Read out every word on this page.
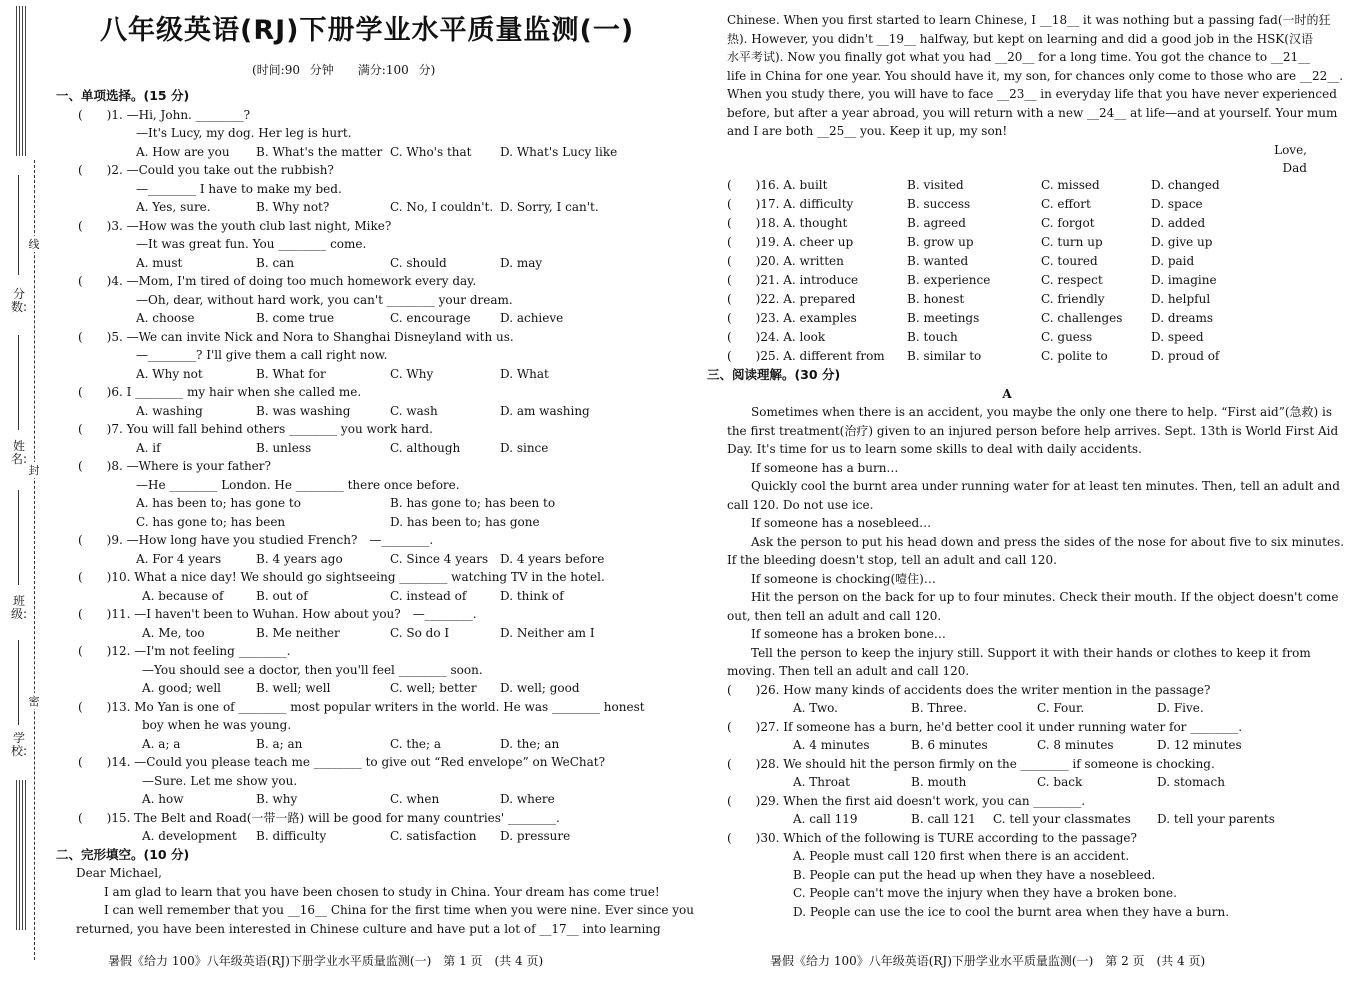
分数:
姓名:
班级:
学校:
线
封
密
八年级英语(RJ)下册学业水平质量监测(一)
(时间:90 分钟　　满分:100 分)
一、单项选择。(15 分)
(　　)1. —Hi, John. ________?
—It's Lucy, my dog. Her leg is hurt.
A. How are you B. What's the matter C. Who's that D. What's Lucy like
(　　)2. —Could you take out the rubbish?
—________ I have to make my bed.
A. Yes, sure.	B. Why not?	C. No, I couldn't. D. Sorry, I can't.
(　　)3. —How was the youth club last night, Mike?
—It was great fun. You ________ come.
A. must	B. can	C. should	D. may
(　　)4. —Mom, I'm tired of doing too much homework every day.
—Oh, dear, without hard work, you can't ________ your dream.
A. choose	B. come true	C. encourage D. achieve
(　　)5. —We can invite Nick and Nora to Shanghai Disneyland with us.
—________? I'll give them a call right now.
A. Why not	B. What for	C. Why	D. What
(　　)6. I ________ my hair when she called me.
A. washing	B. was washing	C. wash	D. am washing
(　　)7. You will fall behind others ________ you work hard.
A. if	B. unless	C. although	D. since
(　　)8. —Where is your father?
—He ________ London. He ________ there once before.
A. has been to; has gone to	B. has gone to; has been to
C. has gone to; has been	D. has been to; has gone
(　　)9. —How long have you studied French?　—________.
A. For 4 years	B. 4 years ago	C. Since 4 years D. 4 years before
(　　)10. What a nice day! We should go sightseeing ________ watching TV in the hotel.
A. because of	B. out of	C. instead of	D. think of
(　　)11. —I haven't been to Wuhan. How about you?　—________.
A. Me, too	B. Me neither	C. So do I	D. Neither am I
(　　)12. —I'm not feeling ________.
—You should see a doctor, then you'll feel ________ soon.
A. good; well	B. well; well	C. well; better D. well; good
(　　)13. Mo Yan is one of ________ most popular writers in the world. He was ________ honest
boy when he was young.
A. a; a	B. a; an	C. the; a	D. the; an
(　　)14. —Could you please teach me ________ to give out “Red envelope” on WeChat?
—Sure. Let me show you.
A. how	B. why	C. when	D. where
(　　)15. The Belt and Road(一带一路) will be good for many countries' ________.
A. development B. difficulty	C. satisfaction D. pressure
二、完形填空。(10 分)
Dear Michael,
I am glad to learn that you have been chosen to study in China. Your dream has come true!
I can well remember that you __16__ China for the first time when you were nine. Ever since you
returned, you have been interested in Chinese culture and have put a lot of __17__ into learning
暑假《给力 100》八年级英语(RJ)下册学业水平质量监测(一)　第 1 页　(共 4 页)
Chinese. When you first started to learn Chinese, I __18__ it was nothing but a passing fad(一时的狂
热). However, you didn't __19__ halfway, but kept on learning and did a good job in the HSK(汉语
水平考试). Now you finally got what you had __20__ for a long time. You got the chance to __21__
life in China for one year. You should have it, my son, for chances only come to those who are __22__.
When you study there, you will have to face __23__ in everyday life that you have never experienced
before, but after a year abroad, you will return with a new __24__ at life—and at yourself. Your mum
and I are both __25__ you. Keep it up, my son!
Love,
Dad
(　　)16. A. built	B. visited	C. missed	D. changed
(　　)17. A. difficulty	B. success	C. effort	D. space
(　　)18. A. thought	B. agreed	C. forgot	D. added
(　　)19. A. cheer up	B. grow up	C. turn up	D. give up
(　　)20. A. written	B. wanted	C. toured	D. paid
(　　)21. A. introduce	B. experience	C. respect	D. imagine
(　　)22. A. prepared	B. honest	C. friendly	D. helpful
(　　)23. A. examples	B. meetings	C. challenges D. dreams
(　　)24. A. look	B. touch	C. guess	D. speed
(　　)25. A. different from B. similar to	C. polite to	D. proud of
三、阅读理解。(30 分)
A
　　Sometimes when there is an accident, you maybe the only one there to help. “First aid”(急救) is
the first treatment(治疗) given to an injured person before help arrives. Sept. 13th is World First Aid
Day. It's time for us to learn some skills to deal with daily accidents.
　　If someone has a burn…
　　Quickly cool the burnt area under running water for at least ten minutes. Then, tell an adult and
call 120. Do not use ice.
　　If someone has a nosebleed…
　　Ask the person to put his head down and press the sides of the nose for about five to six minutes.
If the bleeding doesn't stop, tell an adult and call 120.
　　If someone is chocking(噎住)…
　　Hit the person on the back for up to four minutes. Check their mouth. If the object doesn't come
out, then tell an adult and call 120.
　　If someone has a broken bone…
　　Tell the person to keep the injury still. Support it with their hands or clothes to keep it from
moving. Then tell an adult and call 120.
(　　)26. How many kinds of accidents does the writer mention in the passage?
A. Two.	B. Three.	C. Four.	D. Five.
(　　)27. If someone has a burn, he'd better cool it under running water for ________.
A. 4 minutes	B. 6 minutes	C. 8 minutes	D. 12 minutes
(　　)28. We should hit the person firmly on the ________ if someone is chocking.
A. Throat	B. mouth	C. back	D. stomach
(　　)29. When the first aid doesn't work, you can ________.
A. call 119	B. call 121 C. tell your classmates D. tell your parents
(　　)30. Which of the following is TURE according to the passage?
A. People must call 120 first when there is an accident.
B. People can put the head up when they have a nosebleed.
C. People can't move the injury when they have a broken bone.
D. People can use the ice to cool the burnt area when they have a burn.
暑假《给力 100》八年级英语(RJ)下册学业水平质量监测(一)　第 2 页　(共 4 页)
